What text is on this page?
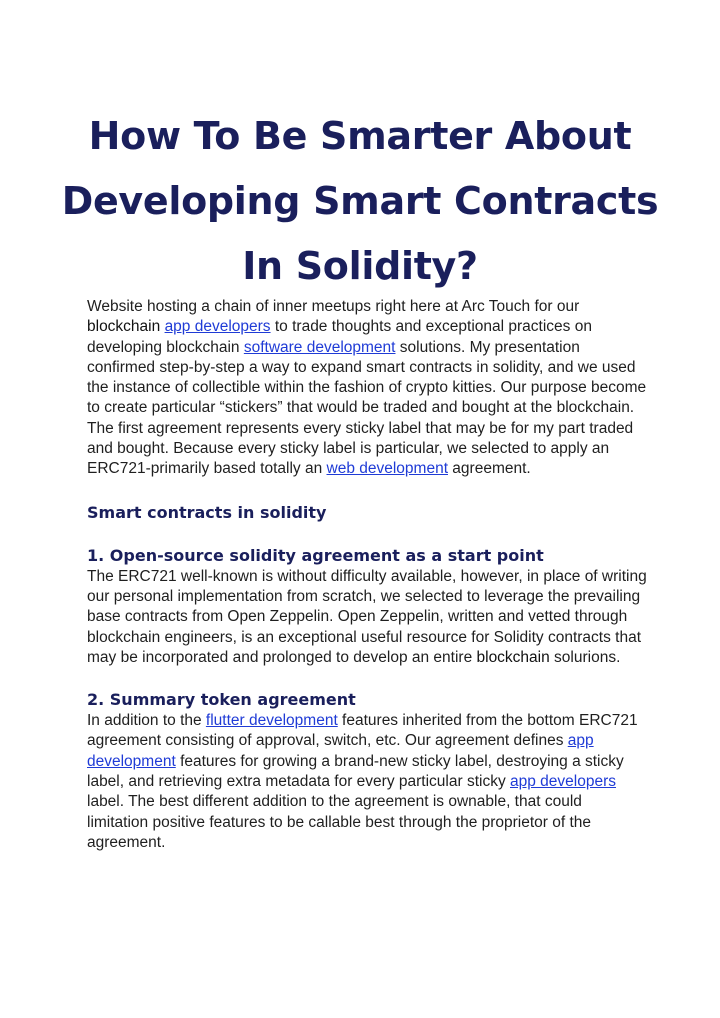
How To Be Smarter About Developing Smart Contracts In Solidity?

Website hosting a chain of inner meetups right here at Arc Touch for our blockchain app developers to trade thoughts and exceptional practices on developing blockchain software development solutions. My presentation confirmed step-by-step a way to expand smart contracts in solidity, and we used the instance of collectible within the fashion of crypto kitties. Our purpose become to create particular “stickers” that would be traded and bought at the blockchain. The first agreement represents every sticky label that may be for my part traded and bought. Because every sticky label is particular, we selected to apply an ERC721-primarily based totally an web development agreement.

Smart contracts in solidity
1. Open-source solidity agreement as a start point

The ERC721 well-known is without difficulty available, however, in place of writing our personal implementation from scratch, we selected to leverage the prevailing base contracts from Open Zeppelin. Open Zeppelin, written and vetted through blockchain engineers, is an exceptional useful resource for Solidity contracts that may be incorporated and prolonged to develop an entire blockchain solurions.

2. Summary token agreement

In addition to the flutter development features inherited from the bottom ERC721 agreement consisting of approval, switch, etc. Our agreement defines app development features for growing a brand-new sticky label, destroying a sticky label, and retrieving extra metadata for every particular sticky app developers label. The best different addition to the agreement is ownable, that could limitation positive features to be callable best through the proprietor of the agreement.
